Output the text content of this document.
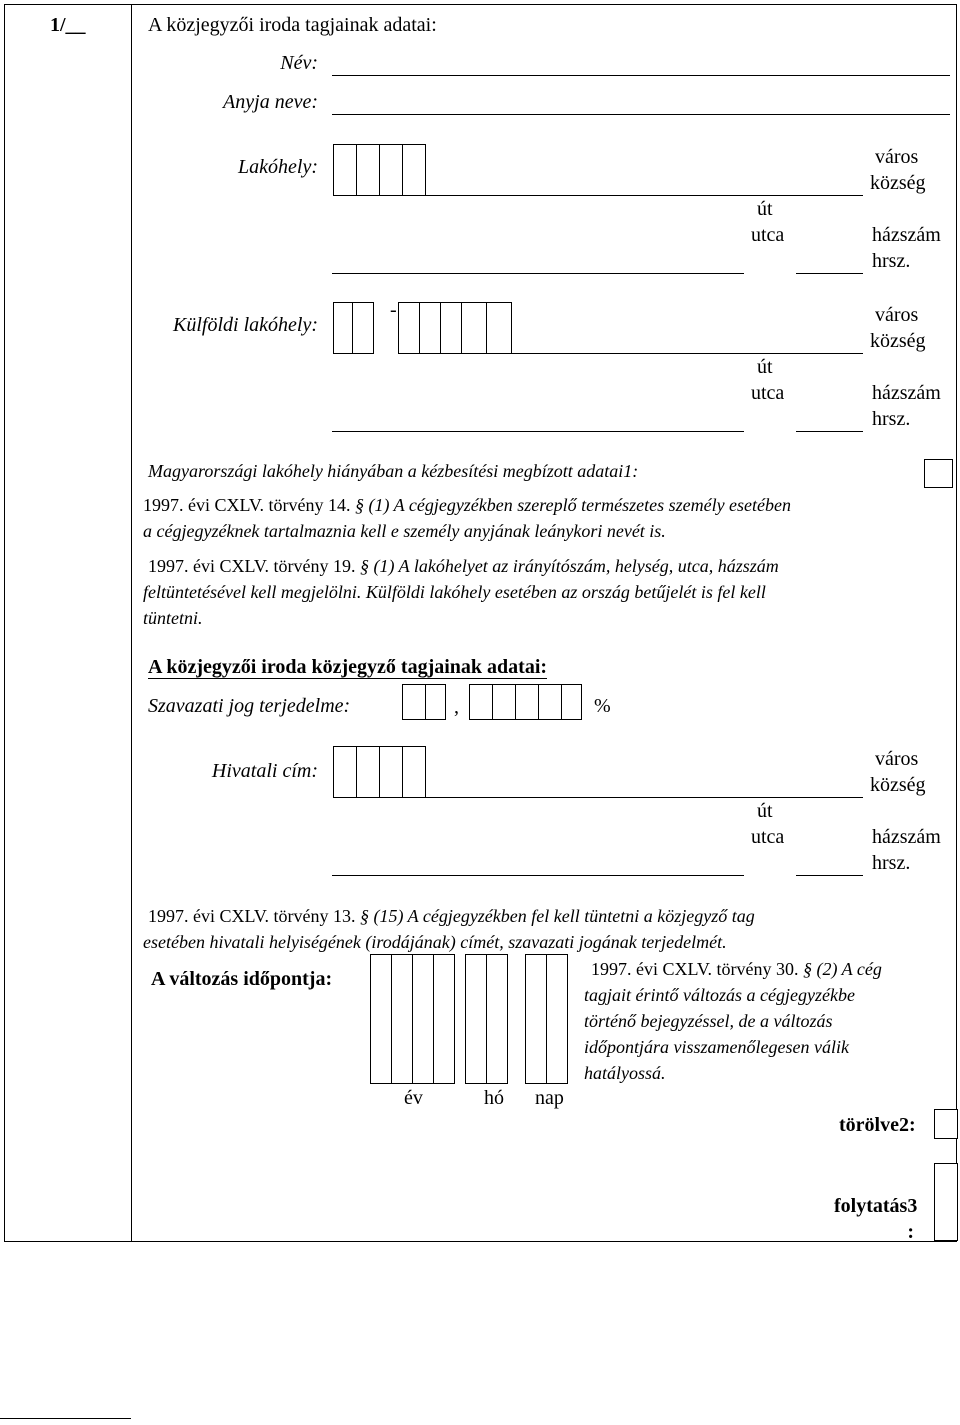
1/__	A közjegyzői iroda tagjainak adatai:
Név:
Anyja neve:
Lakóhely:	város
község
út
utca	házszám
hrsz.
Külföldi lakóhely:
-	város
község
út
utca	házszám
hrsz.
Magyarországi lakóhely hiányában a kézbesítési megbízott adatai1:
1997. évi CXLV. törvény 14. § (1) A cégjegyzékben szereplő természetes személy esetében
a cégjegyzéknek tartalmaznia kell e személy anyjának leánykori nevét is.
1997. évi CXLV. törvény 19. § (1) A lakóhelyet az irányítószám, helység, utca, házszám
feltüntetésével kell megjelölni. Külföldi lakóhely esetében az ország betűjelét is fel kell
tüntetni.
A közjegyzői iroda közjegyző tagjainak adatai:
Szavazati jog terjedelme:	,	%
Hivatali cím:
város
község
út
utca	házszám
hrsz.
1997. évi CXLV. törvény 13. § (15) A cégjegyzékben fel kell tüntetni a közjegyző tag
esetében hivatali helyiségének (irodájának) címét, szavazati jogának terjedelmét.
A változás időpontja:
év	hó nap
1997. évi CXLV. törvény 30. § (2) A cég
tagjait érintő változás a cégjegyzékbe
történő bejegyzéssel, de a változás
időpontjára visszamenőlegesen válik
hatályossá.
törölve2:
folytatás3
:
